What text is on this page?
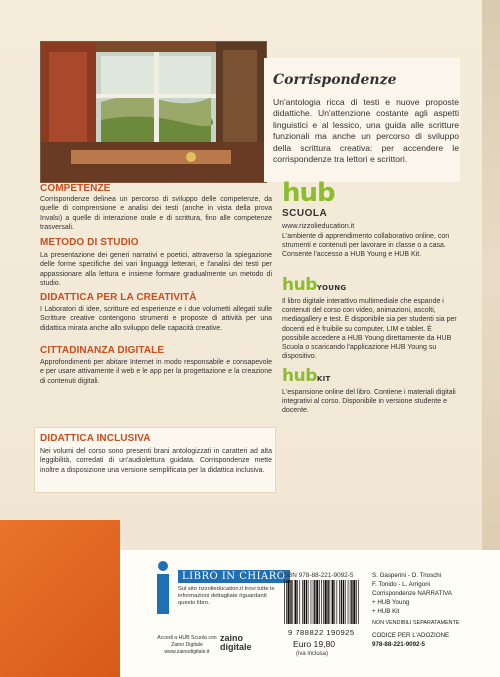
Corrispondenze
Un'antologia ricca di testi e nuove proposte didattiche. Un'attenzione costante agli aspetti linguistici e al lessico, una guida alle scritture funzionali ma anche un percorso di sviluppo della scrittura creativa: per accendere le corrispondenze tra lettori e scrittori.
COMPETENZE
Corrispondenze delinea un percorso di sviluppo delle competenze, da quelle di comprensione e analisi dei testi (anche in vista della prova Invalsi) a quelle di interazione orale e di scrittura, fino alle competenze trasversali.
METODO DI STUDIO
La presentazione dei generi narrativi e poetici, attraverso la spiegazione delle forme specifiche dei vari linguaggi letterari, e l'analisi dei testi per appassionare alla lettura e insieme formare gradualmente un metodo di studio.
DIDATTICA PER LA CREATIVITÀ
I Laboratori di idee, scritture ed esperienze e i due volumetti allegati sulle Scritture creative contengono strumenti e proposte di attività per una didattica mirata anche allo sviluppo delle capacità creative.
CITTADINANZA DIGITALE
Approfondimenti per abitare Internet in modo responsabile e consapevole e per usare attivamente il web e le app per la progettazione e la creazione di contenuti digitali.
DIDATTICA INCLUSIVA
Nei volumi del corso sono presenti brani antologizzati in caratteri ad alta leggibilità, corredati di un'audiolettura guidata. Corrispondenze mette inoltre a disposizione una versione semplificata per la didattica inclusiva.
hub
SCUOLA
www.rizzolieducation.it
L'ambiente di apprendimento collaborativo online, con strumenti e contenuti per lavorare in classe o a casa. Consente l'accesso a HUB Young e HUB Kit.
hubYOUNG
Il libro digitale interattivo multimediale che espande i contenuti del corso con video, animazioni, ascolti, mediagallery e test. È disponibile sia per studenti sia per docenti ed è fruibile su computer, LIM e tablet. È possibile accedere a HUB Young direttamente da HUB Scuola o scaricando l'applicazione HUB Young su dispositivo.
hubKIT
L'espansione online del libro. Contiene i materiali digitali integrativi al corso. Disponibile in versione studente e docente.
LIBRO IN CHIARO
Sul sito rizzolieducation.it trovi tutte le informazioni dettagliate riguardanti questo libro.
Accedi a HUB Scuola con Zaino Digitale www.zainodigitale.it
zaino
digitale
ISBN 978-88-221-9092-5
9 788822 190925
Euro 19,80
(iva inclusa)
S. Gasperini - O. Trioschi
F. Tonido - L. Arrigoni
Corrispondenze NARRATIVA
+ HUB Young
+ HUB Kit
NON VENDIBILI SEPARATAMENTE
CODICE PER L'ADOZIONE
978-88-221-9092-5
